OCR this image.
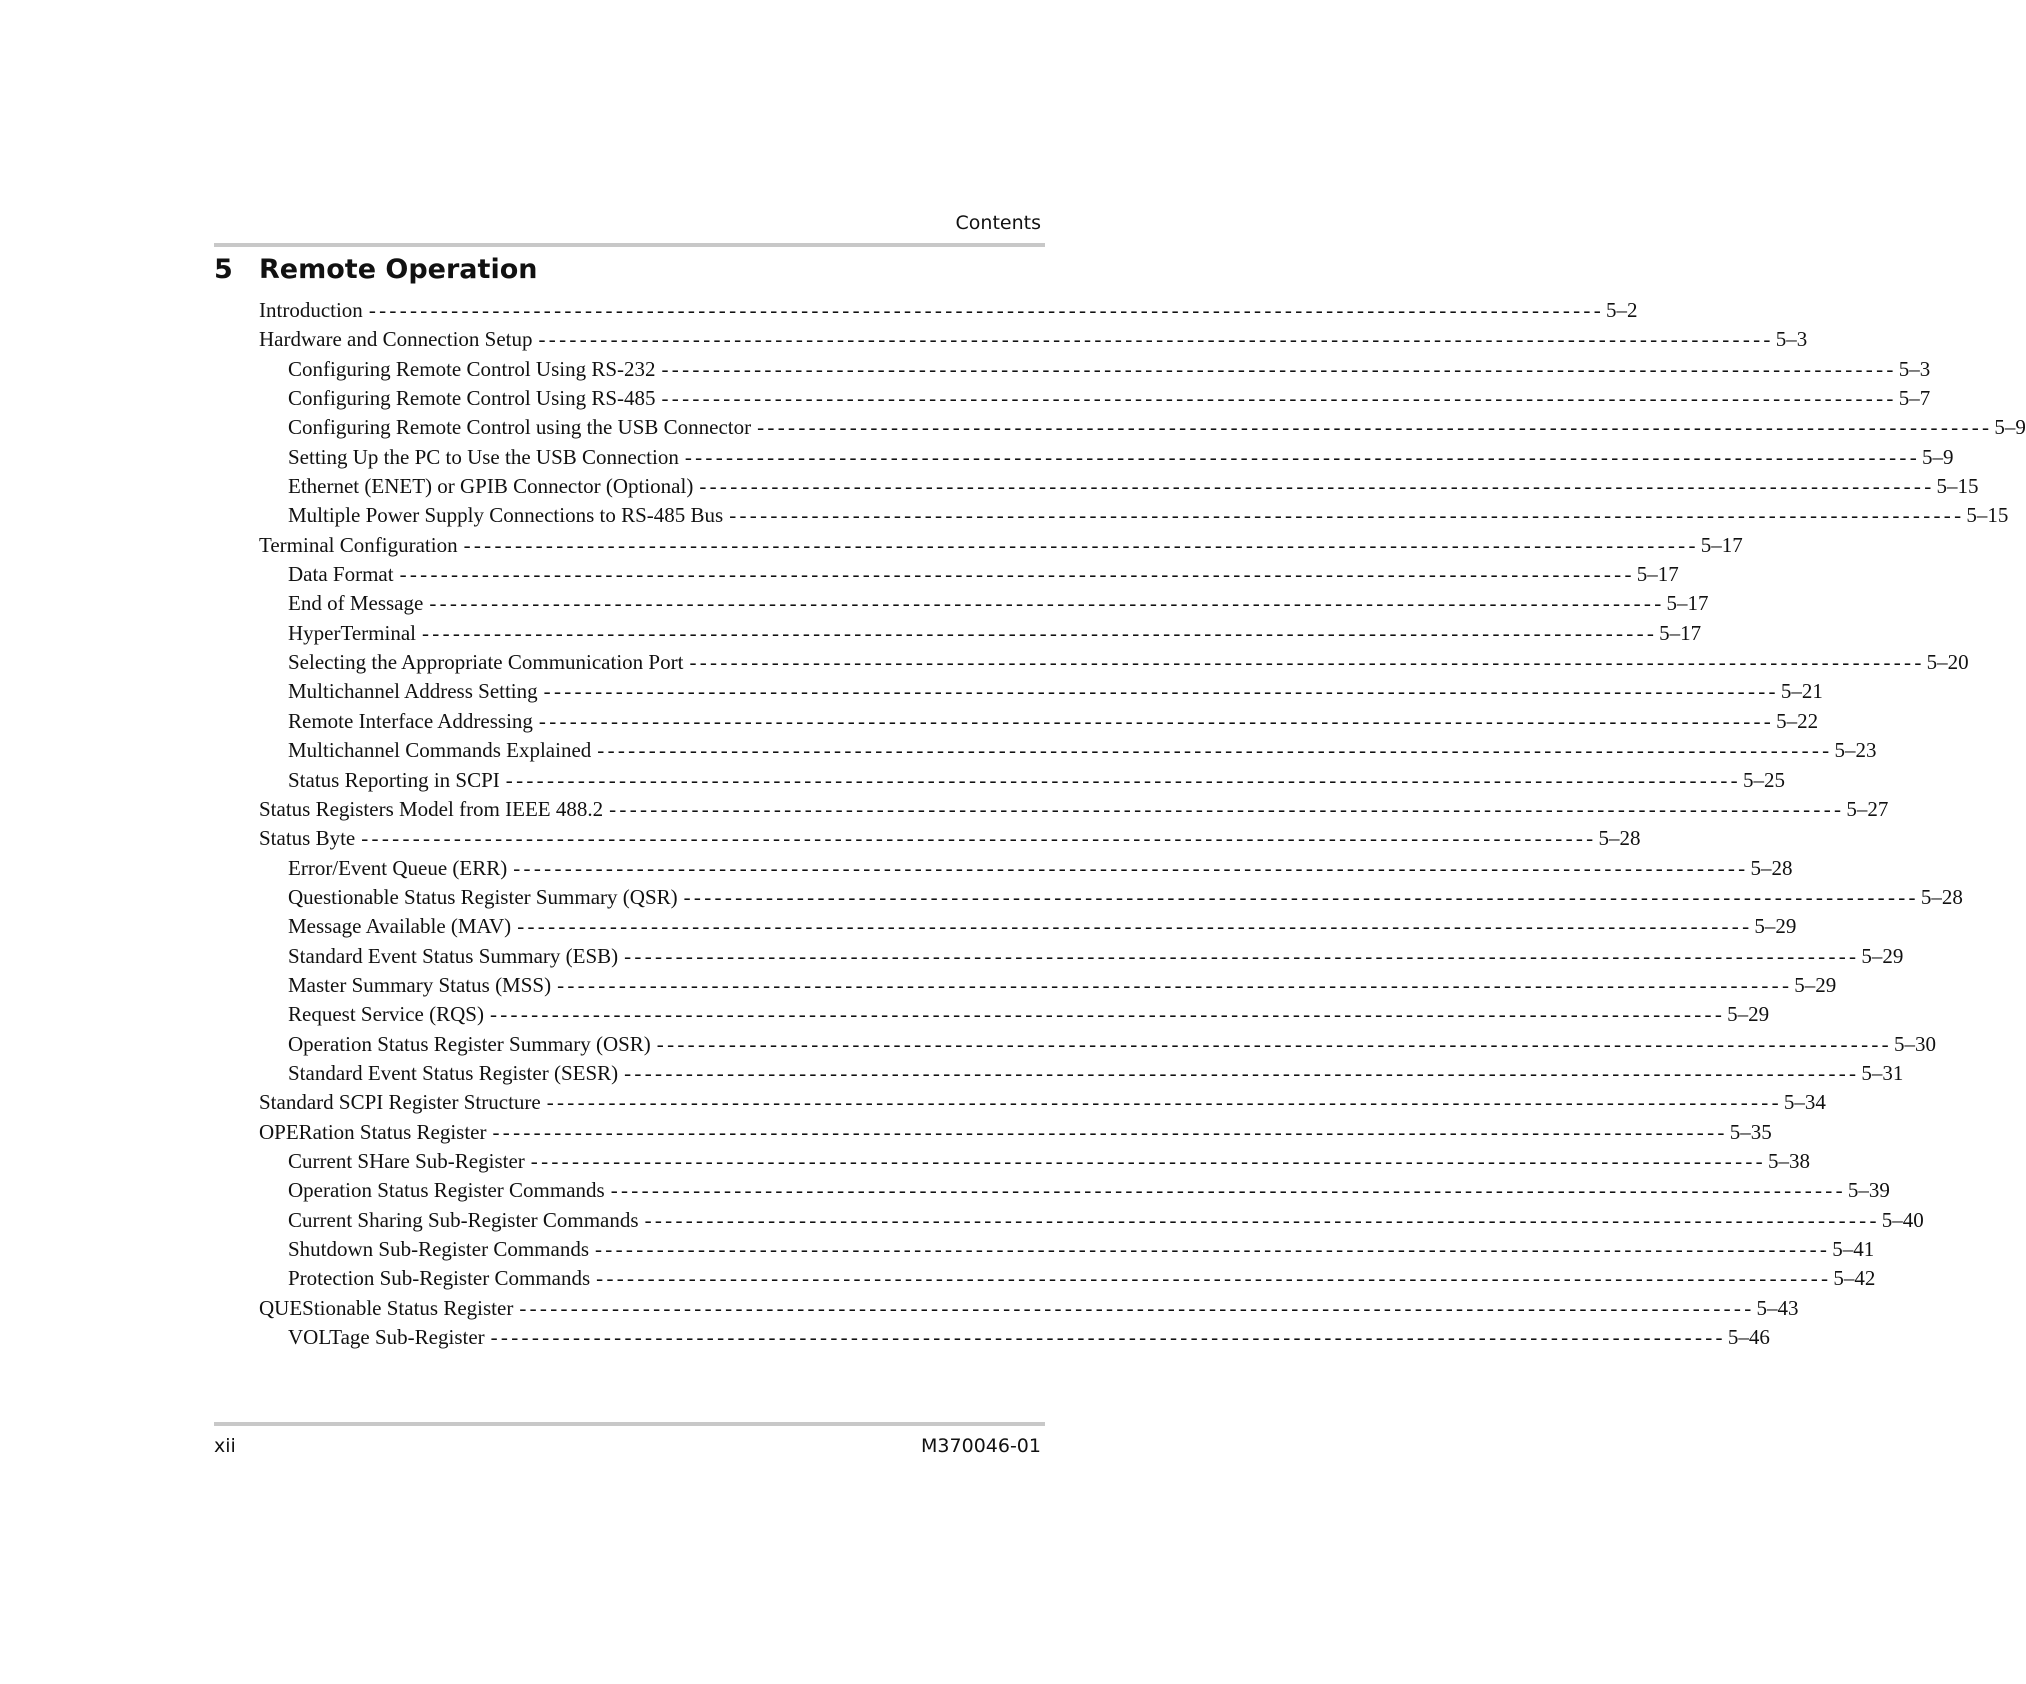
Contents
5 Remote Operation
Introduction ------------------------------------------------------------------------------------------------------------------------ 5–2
Hardware and Connection Setup ------------------------------------------------------------------------------------------------------------------------ 5–3
Configuring Remote Control Using RS-232 ------------------------------------------------------------------------------------------------------------------------ 5–3
Configuring Remote Control Using RS-485 ------------------------------------------------------------------------------------------------------------------------ 5–7
Configuring Remote Control using the USB Connector ------------------------------------------------------------------------------------------------------------------------ 5–9
Setting Up the PC to Use the USB Connection ------------------------------------------------------------------------------------------------------------------------ 5–9
Ethernet (ENET) or GPIB Connector (Optional) ------------------------------------------------------------------------------------------------------------------------ 5–15
Multiple Power Supply Connections to RS-485 Bus ------------------------------------------------------------------------------------------------------------------------ 5–15
Terminal Configuration ------------------------------------------------------------------------------------------------------------------------ 5–17
Data Format ------------------------------------------------------------------------------------------------------------------------ 5–17
End of Message ------------------------------------------------------------------------------------------------------------------------ 5–17
HyperTerminal ------------------------------------------------------------------------------------------------------------------------ 5–17
Selecting the Appropriate Communication Port ------------------------------------------------------------------------------------------------------------------------ 5–20
Multichannel Address Setting ------------------------------------------------------------------------------------------------------------------------ 5–21
Remote Interface Addressing ------------------------------------------------------------------------------------------------------------------------ 5–22
Multichannel Commands Explained ------------------------------------------------------------------------------------------------------------------------ 5–23
Status Reporting in SCPI ------------------------------------------------------------------------------------------------------------------------ 5–25
Status Registers Model from IEEE 488.2 ------------------------------------------------------------------------------------------------------------------------ 5–27
Status Byte ------------------------------------------------------------------------------------------------------------------------ 5–28
Error/Event Queue (ERR) ------------------------------------------------------------------------------------------------------------------------ 5–28
Questionable Status Register Summary (QSR) ------------------------------------------------------------------------------------------------------------------------ 5–28
Message Available (MAV) ------------------------------------------------------------------------------------------------------------------------ 5–29
Standard Event Status Summary (ESB) ------------------------------------------------------------------------------------------------------------------------ 5–29
Master Summary Status (MSS) ------------------------------------------------------------------------------------------------------------------------ 5–29
Request Service (RQS) ------------------------------------------------------------------------------------------------------------------------ 5–29
Operation Status Register Summary (OSR) ------------------------------------------------------------------------------------------------------------------------ 5–30
Standard Event Status Register (SESR) ------------------------------------------------------------------------------------------------------------------------ 5–31
Standard SCPI Register Structure ------------------------------------------------------------------------------------------------------------------------ 5–34
OPERation Status Register ------------------------------------------------------------------------------------------------------------------------ 5–35
Current SHare Sub-Register ------------------------------------------------------------------------------------------------------------------------ 5–38
Operation Status Register Commands ------------------------------------------------------------------------------------------------------------------------ 5–39
Current Sharing Sub-Register Commands ------------------------------------------------------------------------------------------------------------------------ 5–40
Shutdown Sub-Register Commands ------------------------------------------------------------------------------------------------------------------------ 5–41
Protection Sub-Register Commands ------------------------------------------------------------------------------------------------------------------------ 5–42
QUEStionable Status Register ------------------------------------------------------------------------------------------------------------------------ 5–43
VOLTage Sub-Register ------------------------------------------------------------------------------------------------------------------------ 5–46
xii	M370046-01
